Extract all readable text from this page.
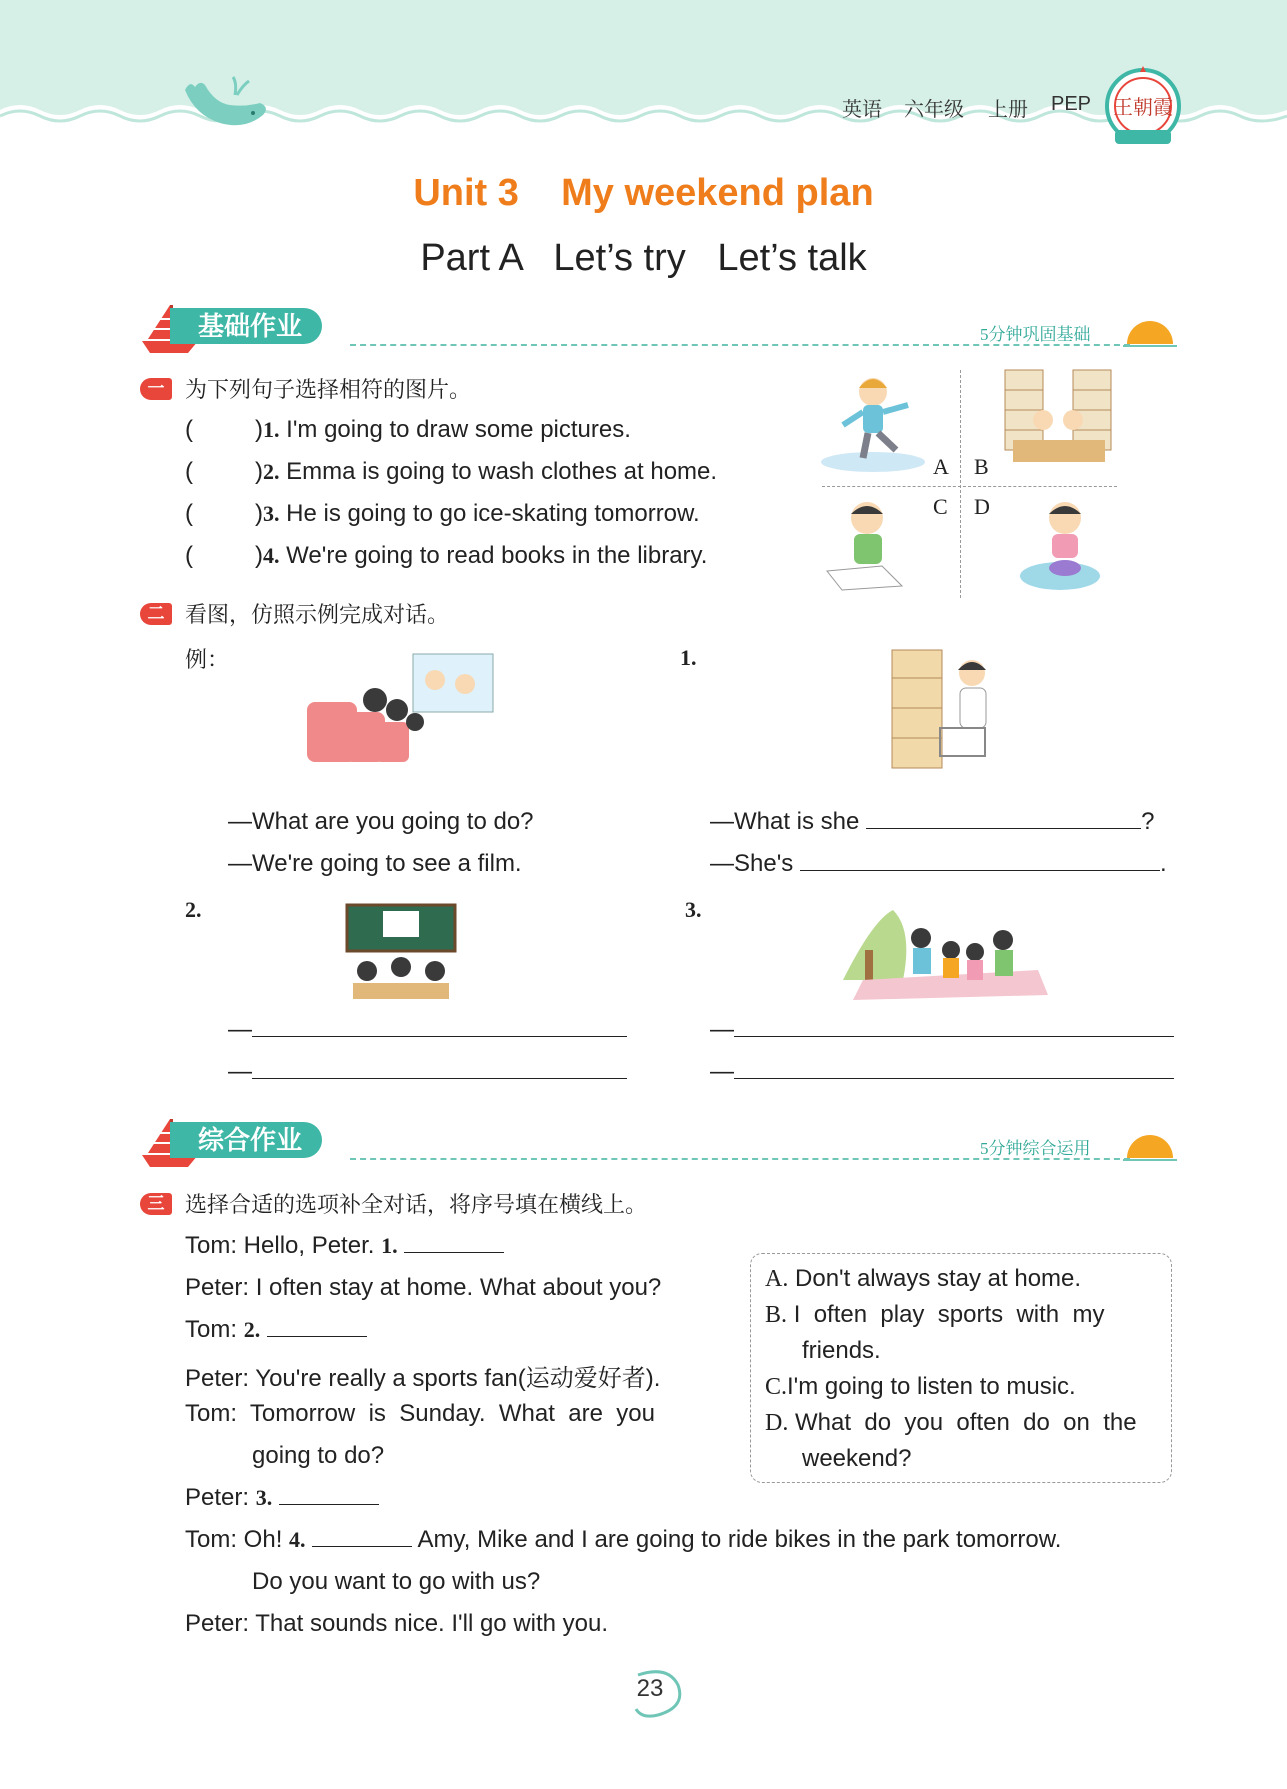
英语 六年级 上册 PEP 王朝霞
Unit 3    My weekend plan
Part A   Let’s try   Let’s talk
基础作业	5分钟巩固基础
一 为下列句子选择相符的图片。
(	)1. I'm going to draw some pictures.
(	)2. Emma is going to wash clothes at home.
(	)3. He is going to go ice-skating tomorrow.
(	)4. We're going to read books in the library.
A B
C D
二 看图，仿照示例完成对话。
例：
—What are you going to do?
—We're going to see a film.
1.
—What is she	?
—She's	.
2.
—
—
3.
—
—
综合作业	5分钟综合运用
三 选择合适的选项补全对话，将序号填在横线上。
Tom: Hello, Peter. 1.
Peter: I often stay at home. What about you?
Tom: 2.
Peter: You're really a sports fan(运动爱好者).
Tom:  Tomorrow  is  Sunday.  What  are  you
going to do?
Peter: 3.
Tom: Oh! 4.	Amy, Mike and I are going to ride bikes in the park tomorrow.
Do you want to go with us?
Peter: That sounds nice. I'll go with you.
A. Don't always stay at home.
B. I  often  play  sports  with  my
friends.
C.I'm going to listen to music.
D. What  do  you  often  do  on  the
weekend?
23
